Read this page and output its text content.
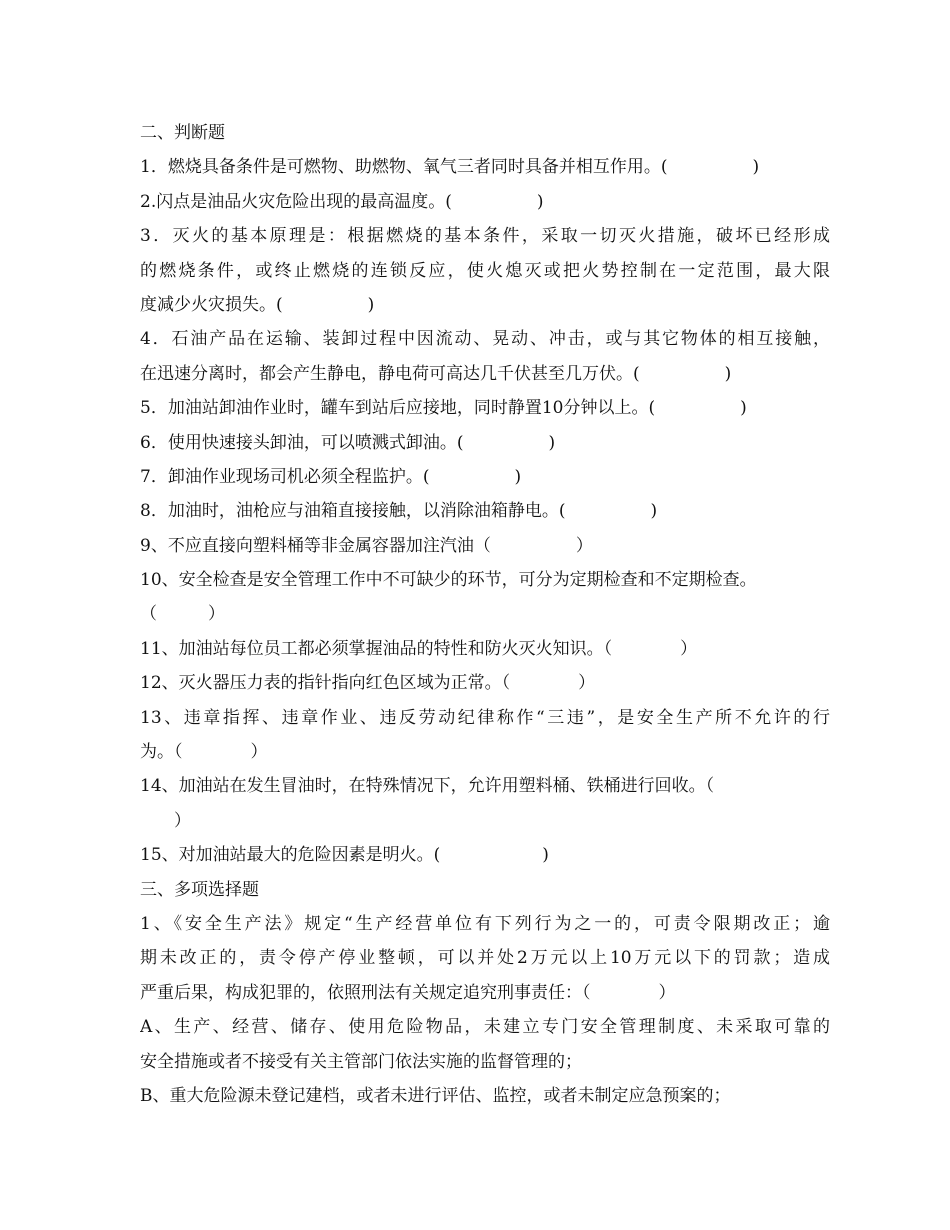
二、判断题
1．燃烧具备条件是可燃物、助燃物、氧气三者同时具备并相互作用。(　　　　　)
2.闪点是油品火灾危险出现的最高温度。(　　　　　)
3．灭火的基本原理是：根据燃烧的基本条件，采取一切灭火措施，破坏已经形成
的燃烧条件，或终止燃烧的连锁反应，使火熄灭或把火势控制在一定范围，最大限
度减少火灾损失。(　　　　　)
4．石油产品在运输、装卸过程中因流动、晃动、冲击，或与其它物体的相互接触，
在迅速分离时，都会产生静电，静电荷可高达几千伏甚至几万伏。(　　　　　)
5．加油站卸油作业时，罐车到站后应接地，同时静置10分钟以上。(　　　　　)
6．使用快速接头卸油，可以喷溅式卸油。(　　　　　)
7．卸油作业现场司机必须全程监护。(　　　　　)
8．加油时，油枪应与油箱直接接触，以消除油箱静电。(　　　　　)
9、不应直接向塑料桶等非金属容器加注汽油（　　　　　）
10、安全检查是安全管理工作中不可缺少的环节，可分为定期检查和不定期检查。
（　　　）
11、加油站每位员工都必须掌握油品的特性和防火灭火知识。（　　　　）
12、灭火器压力表的指针指向红色区域为正常。（　　　　）
13、违章指挥、违章作业、违反劳动纪律称作“三违”，是安全生产所不允许的行
为。（　　　　）
14、加油站在发生冒油时，在特殊情况下，允许用塑料桶、铁桶进行回收。（
　　）
15、对加油站最大的危险因素是明火。(　　　　　　)
三、多项选择题
1、《安全生产法》规定“生产经营单位有下列行为之一的，可责令限期改正；逾
期未改正的，责令停产停业整顿，可以并处2万元以上10万元以下的罚款；造成
严重后果，构成犯罪的，依照刑法有关规定追究刑事责任：（　　　　）
A、生产、经营、储存、使用危险物品，未建立专门安全管理制度、未采取可靠的
安全措施或者不接受有关主管部门依法实施的监督管理的；
B、重大危险源未登记建档，或者未进行评估、监控，或者未制定应急预案的；
